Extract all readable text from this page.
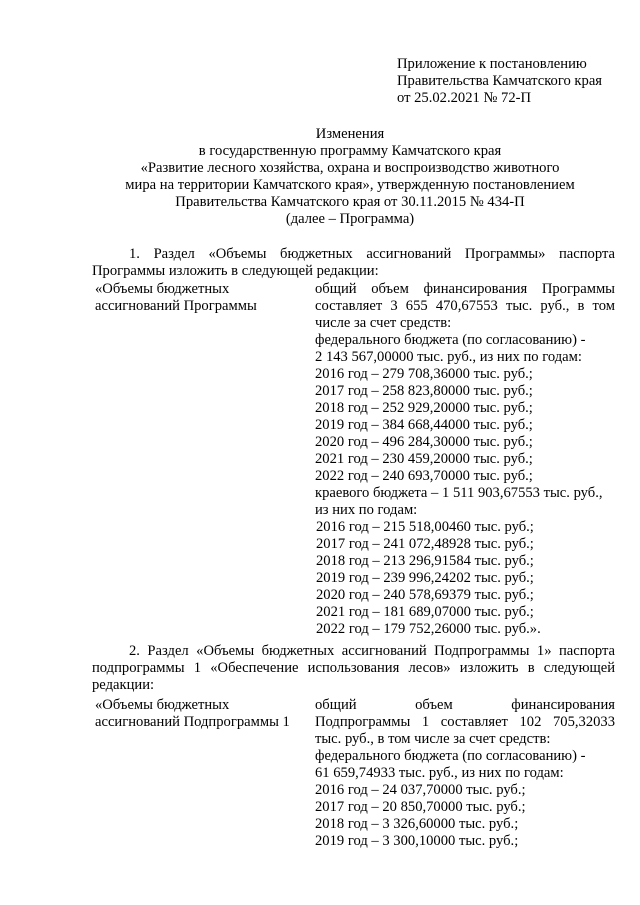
Приложение к постановлению
Правительства Камчатского края
от 25.02.2021 № 72-П
Изменения
в государственную программу Камчатского края
«Развитие лесного хозяйства, охрана и воспроизводство животного
мира на территории Камчатского края», утвержденную постановлением
Правительства Камчатского края от 30.11.2015 № 434-П
(далее – Программа)
1. Раздел «Объемы бюджетных ассигнований Программы» паспорта
Программы изложить в следующей редакции:
«Объемы бюджетных
ассигнований Программы
общий объем финансирования Программы
составляет 3 655 470,67553 тыс. руб., в том
числе за счет средств:
федерального бюджета (по согласованию) -
2 143 567,00000 тыс. руб., из них по годам:
2016 год – 279 708,36000 тыс. руб.;
2017 год – 258 823,80000 тыс. руб.;
2018 год – 252 929,20000 тыс. руб.;
2019 год – 384 668,44000 тыс. руб.;
2020 год – 496 284,30000 тыс. руб.;
2021 год – 230 459,20000 тыс. руб.;
2022 год – 240 693,70000 тыс. руб.;
краевого бюджета – 1 511 903,67553 тыс. руб.,
из них по годам:
2016 год – 215 518,00460 тыс. руб.;
2017 год – 241 072,48928 тыс. руб.;
2018 год – 213 296,91584 тыс. руб.;
2019 год – 239 996,24202 тыс. руб.;
2020 год – 240 578,69379 тыс. руб.;
2021 год – 181 689,07000 тыс. руб.;
2022 год – 179 752,26000 тыс. руб.».
2. Раздел «Объемы бюджетных ассигнований Подпрограммы 1» паспорта
подпрограммы 1 «Обеспечение использования лесов» изложить в следующей
редакции:
«Объемы бюджетных
ассигнований Подпрограммы 1
общий объем финансирования
Подпрограммы 1 составляет 102 705,32033
тыс. руб., в том числе за счет средств:
федерального бюджета (по согласованию) -
61 659,74933 тыс. руб., из них по годам:
2016 год – 24 037,70000 тыс. руб.;
2017 год – 20 850,70000 тыс. руб.;
2018 год – 3 326,60000 тыс. руб.;
2019 год – 3 300,10000 тыс. руб.;
